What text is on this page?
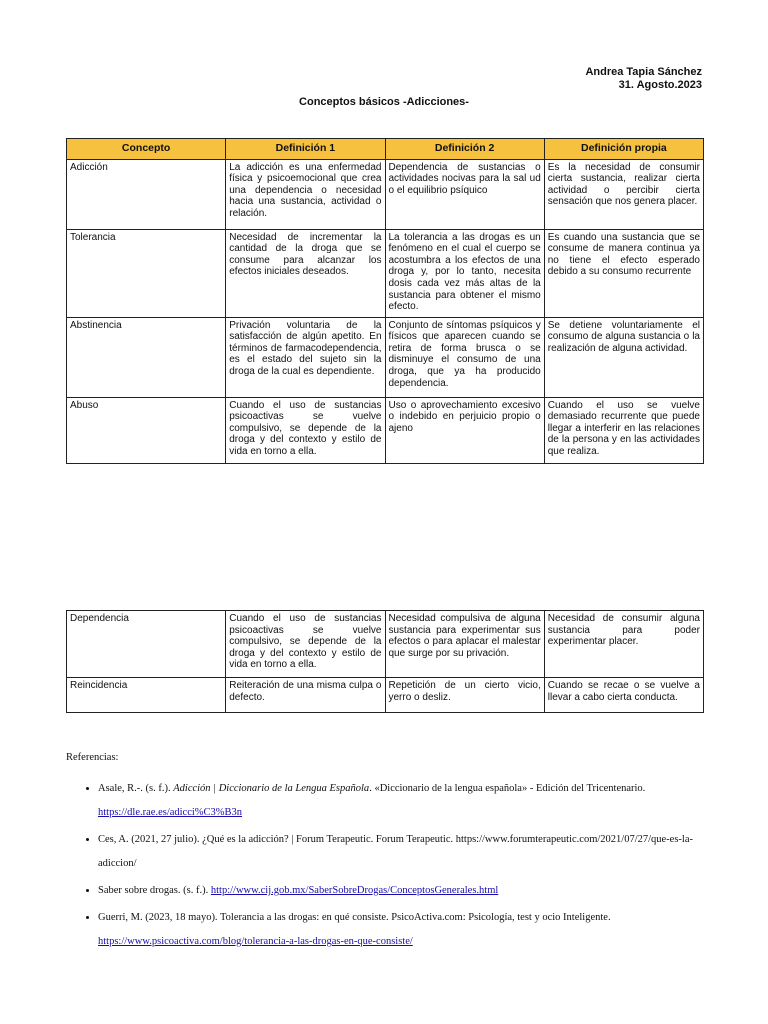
Andrea Tapia Sánchez
31. Agosto.2023
Conceptos básicos -Adicciones-
Concepto	Definición 1	Definición 2	Definición propia
Adicción	La adicción es una enfermedad física y psicoemocional que crea una dependencia o necesidad hacia una sustancia, actividad o relación.	Dependencia de sustancias o actividades nocivas para la sal ud o el equilibrio psíquico	Es la necesidad de consumir cierta sustancia, realizar cierta actividad o percibir cierta sensación que nos genera placer.
Tolerancia	Necesidad de incrementar la cantidad de la droga que se consume para alcanzar los efectos iniciales deseados.	La tolerancia a las drogas es un fenómeno en el cual el cuerpo se acostumbra a los efectos de una droga y, por lo tanto, necesita dosis cada vez más altas de la sustancia para obtener el mismo efecto.	Es cuando una sustancia que se consume de manera continua ya no tiene el efecto esperado debido a su consumo recurrente
Abstinencia	Privación voluntaria de la satisfacción de algún apetito. En términos de farmacodependencia, es el estado del sujeto sin la droga de la cual es dependiente.	Conjunto de síntomas psíquicos y físicos que aparecen cuando se retira de forma brusca o se disminuye el consumo de una droga, que ya ha producido dependencia.	Se detiene voluntariamente el consumo de alguna sustancia o la realización de alguna actividad.
Abuso	Cuando el uso de sustancias psicoactivas se vuelve compulsivo, se depende de la droga y del contexto y estilo de vida en torno a ella.	Uso o aprovechamiento excesivo o indebido en perjuicio propio o ajeno	Cuando el uso se vuelve demasiado recurrente que puede llegar a interferir en las relaciones de la persona y en las actividades que realiza.
Dependencia	Cuando el uso de sustancias psicoactivas se vuelve compulsivo, se depende de la droga y del contexto y estilo de vida en torno a ella.	Necesidad compulsiva de alguna sustancia para experimentar sus efectos o para aplacar el malestar que surge por su privación.	Necesidad de consumir alguna sustancia para poder experimentar placer.
Reincidencia	Reiteración de una misma culpa o defecto.	Repetición de un cierto vicio, yerro o desliz.	Cuando se recae o se vuelve a llevar a cabo cierta conducta.

Referencias:

• Asale, R.-. (s. f.). Adicción | Diccionario de la Lengua Española. «Diccionario de la lengua española» - Edición del Tricentenario.
https://dle.rae.es/adicci%C3%B3n
• Ces, A. (2021, 27 julio). ¿Qué es la adicción? | Forum Terapeutic. Forum Terapeutic. https://www.forumterapeutic.com/2021/07/27/que-es-la-adiccion/
• Saber sobre drogas. (s. f.). http://www.cij.gob.mx/SaberSobreDrogas/ConceptosGenerales.html
• Guerri, M. (2023, 18 mayo). Tolerancia a las drogas: en qué consiste. PsicoActiva.com: Psicología, test y ocio Inteligente.
https://www.psicoactiva.com/blog/tolerancia-a-las-drogas-en-que-consiste/
